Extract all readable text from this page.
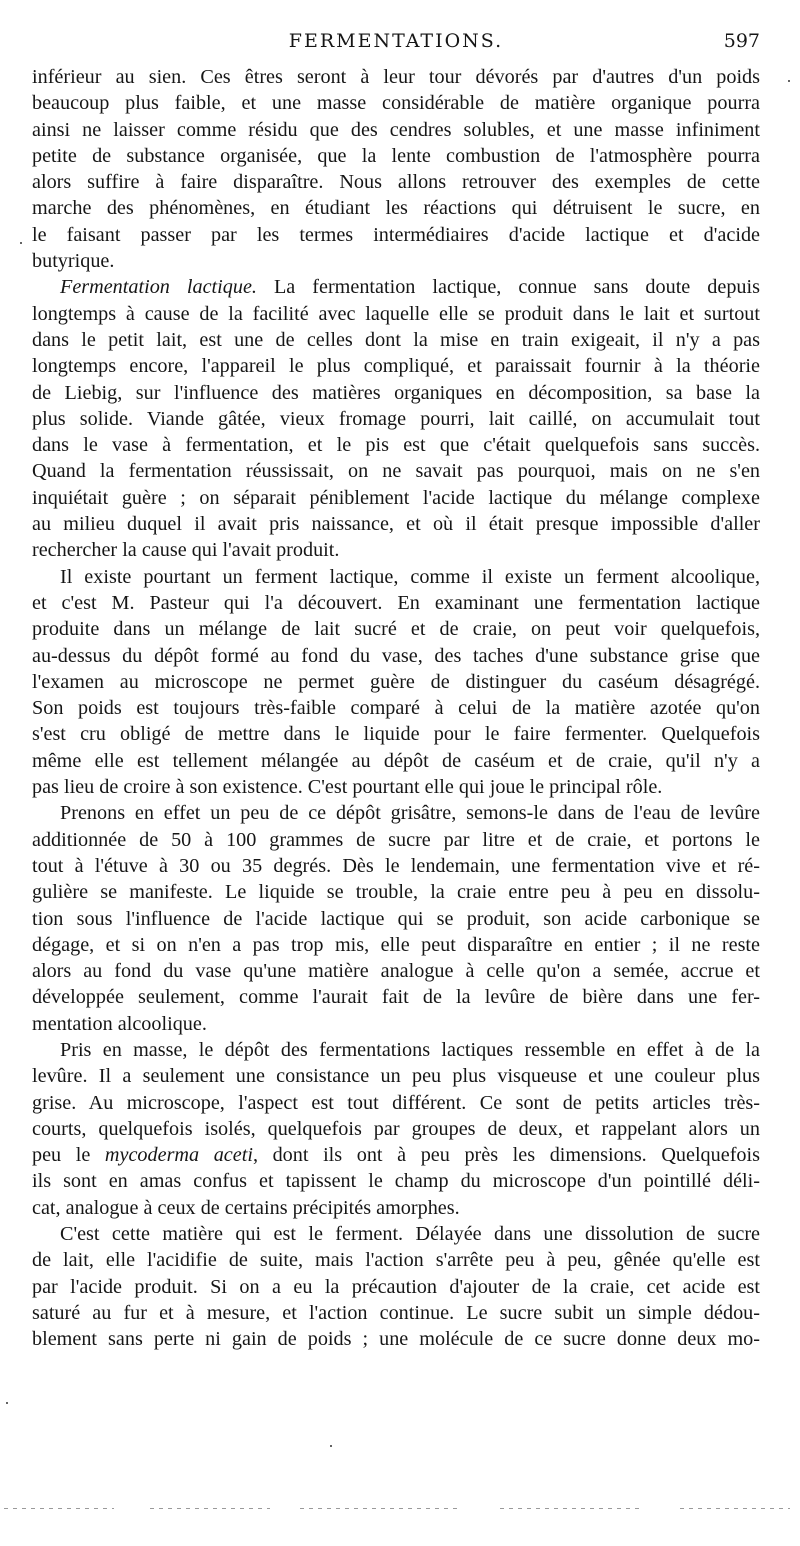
FERMENTATIONS.	597

inférieur au sien. Ces êtres seront à leur tour dévorés par d'autres d'un poids
beaucoup plus faible, et une masse considérable de matière organique pourra
ainsi ne laisser comme résidu que des cendres solubles, et une masse infiniment
petite de substance organisée, que la lente combustion de l'atmosphère pourra
alors suffire à faire disparaître. Nous allons retrouver des exemples de cette
marche des phénomènes, en étudiant les réactions qui détruisent le sucre, en
le faisant passer par les termes intermédiaires d'acide lactique et d'acide
butyrique.

Fermentation lactique. La fermentation lactique, connue sans doute depuis
longtemps à cause de la facilité avec laquelle elle se produit dans le lait et surtout
dans le petit lait, est une de celles dont la mise en train exigeait, il n'y a pas
longtemps encore, l'appareil le plus compliqué, et paraissait fournir à la théorie
de Liebig, sur l'influence des matières organiques en décomposition, sa base la
plus solide. Viande gâtée, vieux fromage pourri, lait caillé, on accumulait tout
dans le vase à fermentation, et le pis est que c'était quelquefois sans succès.
Quand la fermentation réussissait, on ne savait pas pourquoi, mais on ne s'en
inquiétait guère ; on séparait péniblement l'acide lactique du mélange complexe
au milieu duquel il avait pris naissance, et où il était presque impossible d'aller
rechercher la cause qui l'avait produit.

Il existe pourtant un ferment lactique, comme il existe un ferment alcoolique,
et c'est M. Pasteur qui l'a découvert. En examinant une fermentation lactique
produite dans un mélange de lait sucré et de craie, on peut voir quelquefois,
au-dessus du dépôt formé au fond du vase, des taches d'une substance grise que
l'examen au microscope ne permet guère de distinguer du caséum désagrégé.
Son poids est toujours très-faible comparé à celui de la matière azotée qu'on
s'est cru obligé de mettre dans le liquide pour le faire fermenter. Quelquefois
même elle est tellement mélangée au dépôt de caséum et de craie, qu'il n'y a
pas lieu de croire à son existence. C'est pourtant elle qui joue le principal rôle.

Prenons en effet un peu de ce dépôt grisâtre, semons-le dans de l'eau de levûre
additionnée de 50 à 100 grammes de sucre par litre et de craie, et portons le
tout à l'étuve à 30 ou 35 degrés. Dès le lendemain, une fermentation vive et ré-
gulière se manifeste. Le liquide se trouble, la craie entre peu à peu en dissolu-
tion sous l'influence de l'acide lactique qui se produit, son acide carbonique se
dégage, et si on n'en a pas trop mis, elle peut disparaître en entier ; il ne reste
alors au fond du vase qu'une matière analogue à celle qu'on a semée, accrue et
développée seulement, comme l'aurait fait de la levûre de bière dans une fer-
mentation alcoolique.

Pris en masse, le dépôt des fermentations lactiques ressemble en effet à de la
levûre. Il a seulement une consistance un peu plus visqueuse et une couleur plus
grise. Au microscope, l'aspect est tout différent. Ce sont de petits articles très-
courts, quelquefois isolés, quelquefois par groupes de deux, et rappelant alors un
peu le mycoderma aceti, dont ils ont à peu près les dimensions. Quelquefois
ils sont en amas confus et tapissent le champ du microscope d'un pointillé déli-
cat, analogue à ceux de certains précipités amorphes.

C'est cette matière qui est le ferment. Délayée dans une dissolution de sucre
de lait, elle l'acidifie de suite, mais l'action s'arrête peu à peu, gênée qu'elle est
par l'acide produit. Si on a eu la précaution d'ajouter de la craie, cet acide est
saturé au fur et à mesure, et l'action continue. Le sucre subit un simple dédou-
blement sans perte ni gain de poids ; une molécule de ce sucre donne deux mo-
